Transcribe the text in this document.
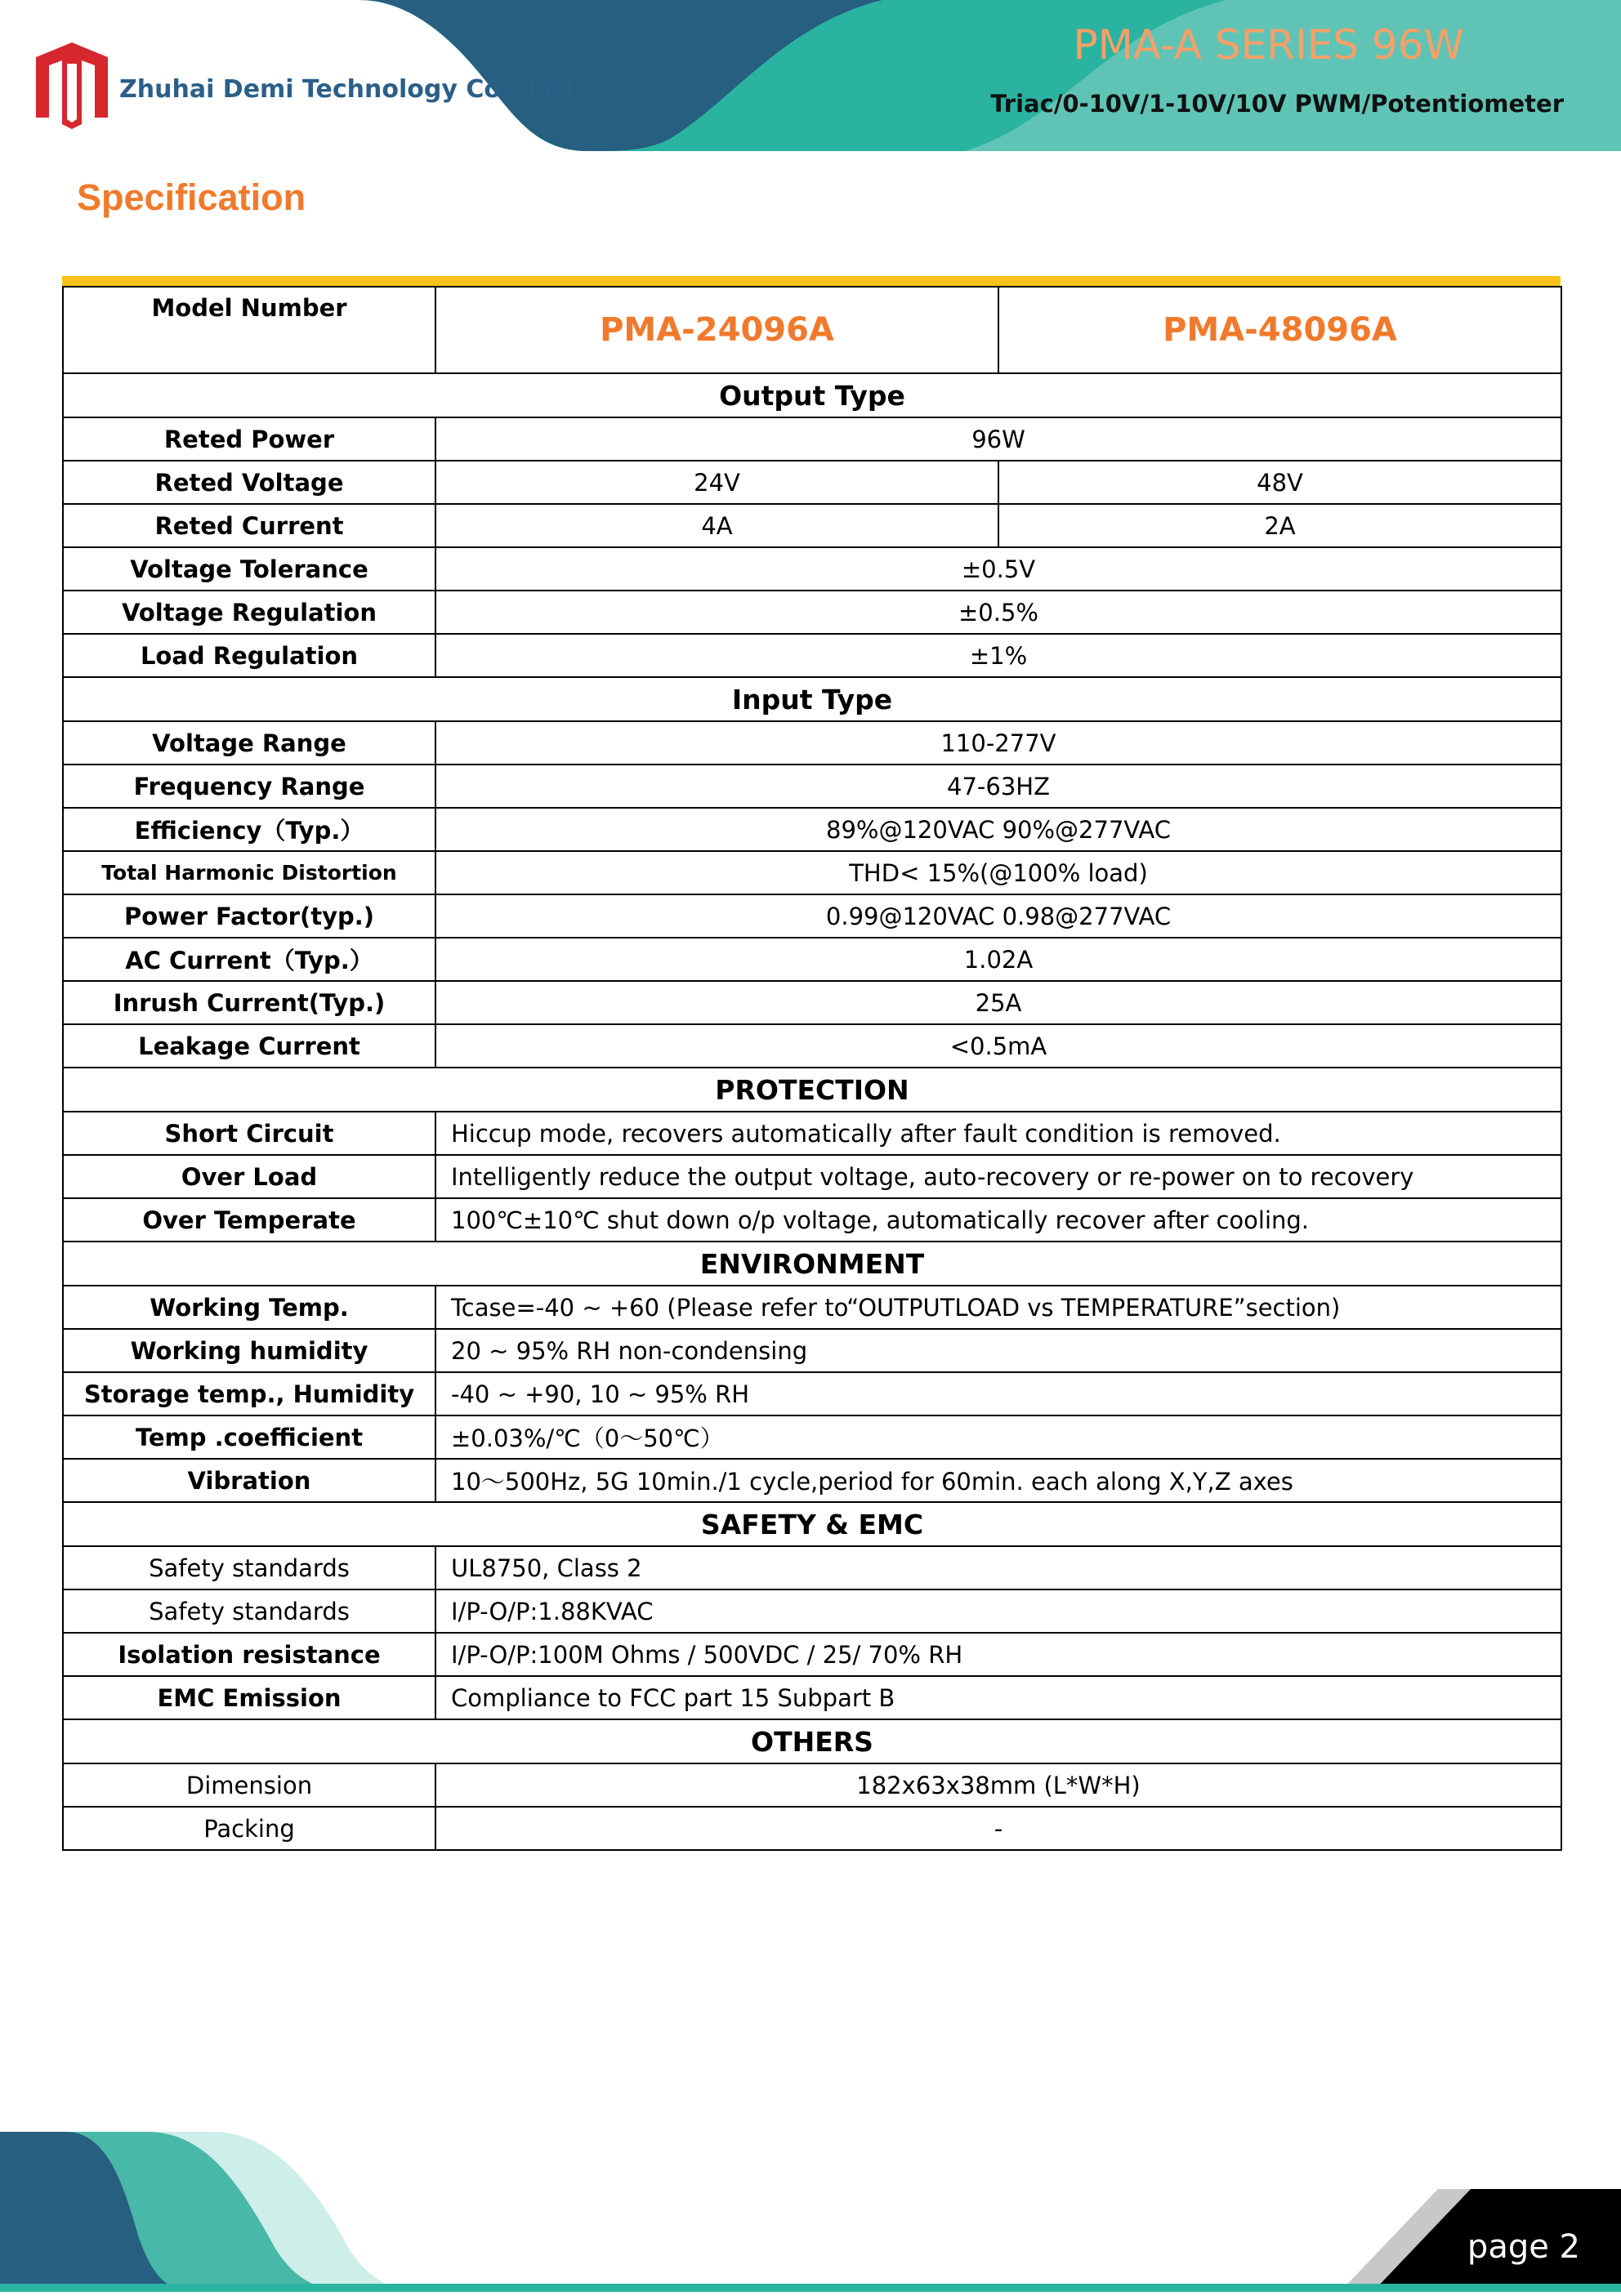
Zhuhai Demi Technology Co., Ltd.
PMA-A SERIES 96W
Triac/0-10V/1-10V/10V PWM/Potentiometer
Specification
Model Number	PMA-24096A	PMA-48096A
Output Type		
Reted Power	96W	
Reted Voltage	24V	48V
Reted Current	4A	2A
Voltage Tolerance	±0.5V	
Voltage Regulation	±0.5%	
Load Regulation	±1%	
Input Type		
Voltage Range	110-277V	
Frequency Range	47-63HZ	
Efficiency（Typ.）	89%@120VAC 90%@277VAC	
Total Harmonic Distortion	THD< 15%(@100% load)	
Power Factor(typ.)	0.99@120VAC 0.98@277VAC	
AC Current（Typ.）	1.02A	
Inrush Current(Typ.)	25A	
Leakage Current	<0.5mA	
PROTECTION		
Short Circuit	Hiccup mode, recovers automatically after fault condition is removed.	
Over Load	Intelligently reduce the output voltage, auto-recovery or re-power on to recovery	
Over Temperate	100℃±10℃ shut down o/p voltage, automatically recover after cooling.	
ENVIRONMENT		
Working Temp.	Tcase=-40 ~ +60 (Please refer to“OUTPUTLOAD vs TEMPERATURE”section)	
Working humidity	20 ~ 95% RH non-condensing	
Storage temp., Humidity	-40 ~ +90, 10 ~ 95% RH	
Temp .coefficient	±0.03%/℃（0～50℃）	
Vibration	10～500Hz, 5G 10min./1 cycle,period for 60min. each along X,Y,Z axes	
SAFETY & EMC		
Safety standards	UL8750, Class 2	
Safety standards	I/P-O/P:1.88KVAC	
Isolation resistance	I/P-O/P:100M Ohms / 500VDC / 25/ 70% RH	
EMC Emission	Compliance to FCC part 15 Subpart B	
OTHERS		
Dimension	182x63x38mm (L*W*H)	
Packing	-	
page 2
